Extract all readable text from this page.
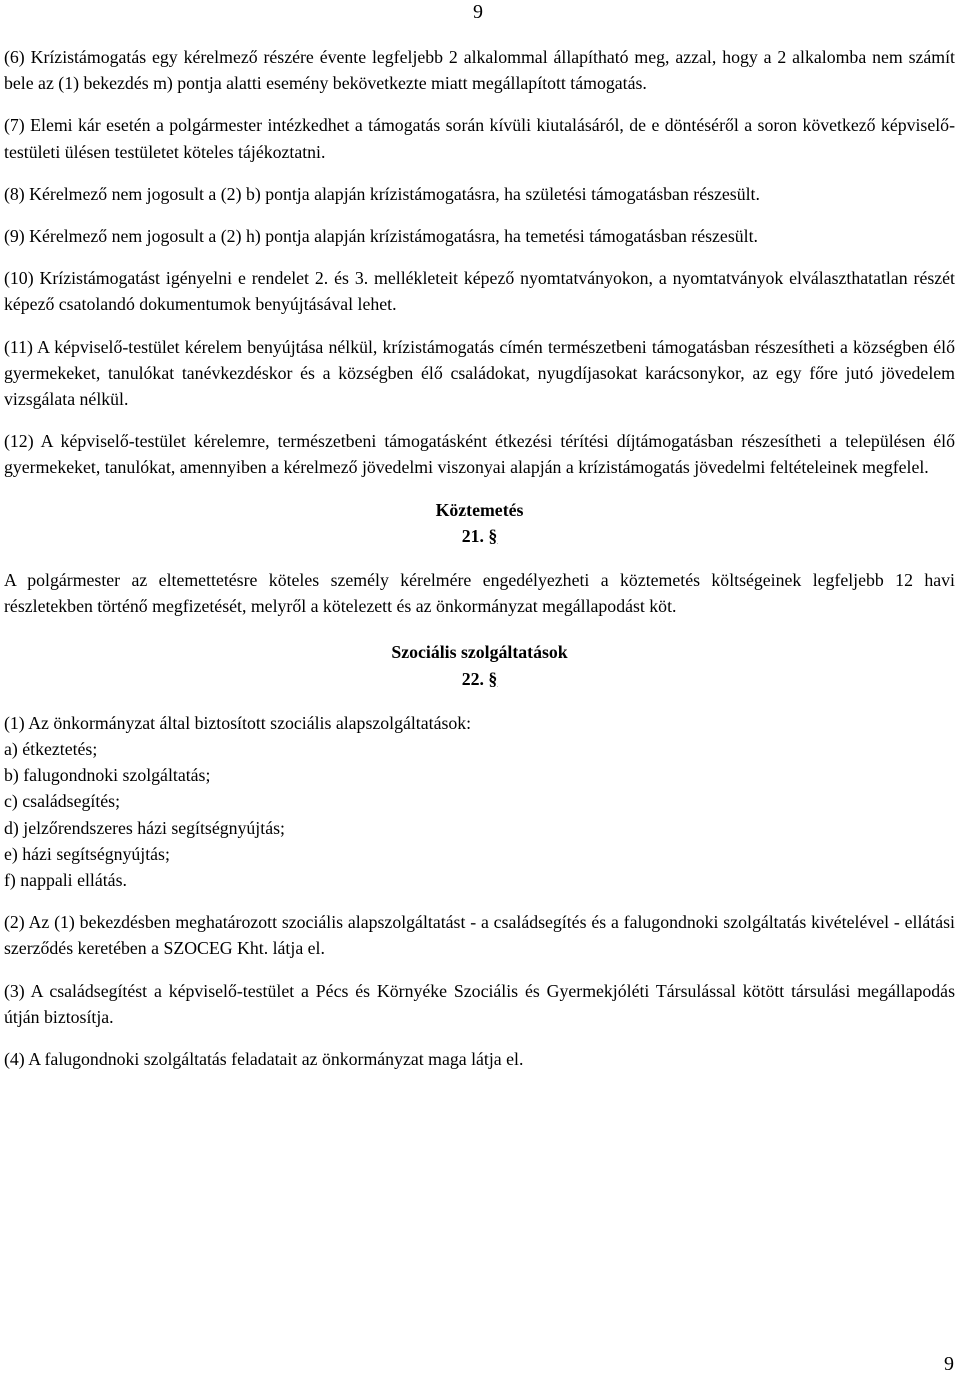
9

(6) Krízistámogatás egy kérelmező részére évente legfeljebb 2 alkalommal állapítható meg, azzal, hogy a 2 alkalomba nem számít bele az (1) bekezdés m) pontja alatti esemény bekövetkezte miatt megállapított támogatás.

(7) Elemi kár esetén a polgármester intézkedhet a támogatás során kívüli kiutalásáról, de e döntéséről a soron következő képviselő-testületi ülésen testületet köteles tájékoztatni.

(8) Kérelmező nem jogosult a (2) b) pontja alapján krízistámogatásra, ha születési támogatásban részesült.

(9) Kérelmező nem jogosult a (2) h) pontja alapján krízistámogatásra, ha temetési támogatásban részesült.

(10) Krízistámogatást igényelni e rendelet 2. és 3. mellékleteit képező nyomtatványokon, a nyomtatványok elválaszthatatlan részét képező csatolandó dokumentumok benyújtásával lehet.

(11) A képviselő-testület kérelem benyújtása nélkül, krízistámogatás címén természetbeni támogatásban részesítheti a községben élő gyermekeket, tanulókat tanévkezdéskor és a községben élő családokat, nyugdíjasokat karácsonykor, az egy főre jutó jövedelem vizsgálata nélkül.

(12) A képviselő-testület kérelemre, természetbeni támogatásként étkezési térítési díjtámogatásban részesítheti a településen élő gyermekeket, tanulókat, amennyiben a kérelmező jövedelmi viszonyai alapján a krízistámogatás jövedelmi feltételeinek megfelel.

Köztemetés

21. §

A polgármester az eltemettetésre köteles személy kérelmére engedélyezheti a köztemetés költségeinek legfeljebb 12 havi részletekben történő megfizetését, melyről a kötelezett és az önkormányzat megállapodást köt.

Szociális szolgáltatások

22. §

(1) Az önkormányzat által biztosított szociális alapszolgáltatások:

a) étkeztetés;

b) falugondnoki szolgáltatás;

c) családsegítés;

d) jelzőrendszeres házi segítségnyújtás;

e) házi segítségnyújtás;

f) nappali ellátás.

(2) Az (1) bekezdésben meghatározott szociális alapszolgáltatást - a családsegítés és a falugondnoki szolgáltatás kivételével - ellátási szerződés keretében a SZOCEG Kht. látja el.

(3) A családsegítést a képviselő-testület a Pécs és Környéke Szociális és Gyermekjóléti Társulással kötött társulási megállapodás útján biztosítja.

(4) A falugondnoki szolgáltatás feladatait az önkormányzat maga látja el.

9
